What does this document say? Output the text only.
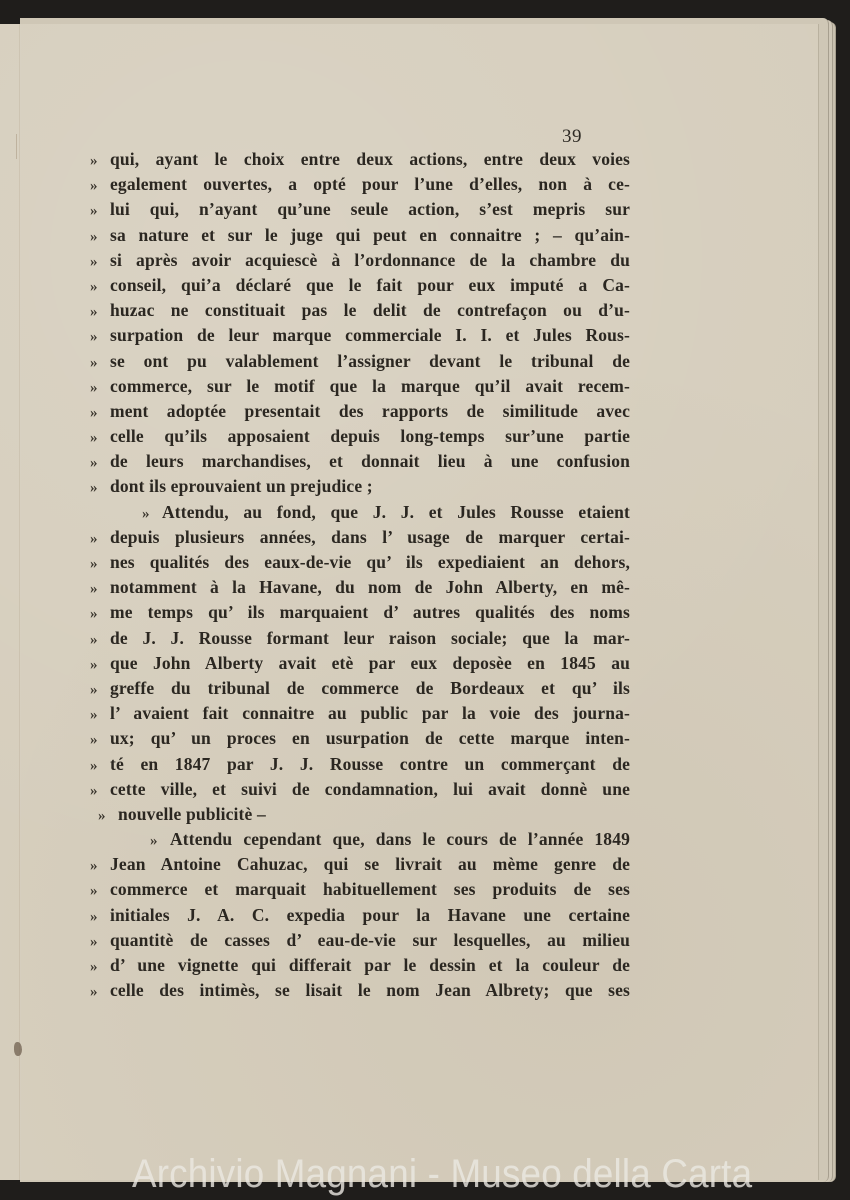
39
» qui, ayant le choix entre deux actions, entre deux voies
» egalement ouvertes, a opté pour l’une d’elles, non à ce-
» lui qui, n’ayant qu’une seule action, s’est mepris sur
» sa nature et sur le juge qui peut en connaitre ; – qu’ain-
» si après avoir acquiescè à l’ordonnance de la chambre du
» conseil, qui’a déclaré que le fait pour eux imputé a Ca-
» huzac ne constituait pas le delit de contrefaçon ou d’u-
» surpation de leur marque commerciale I. I. et Jules Rous-
» se ont pu valablement l’assigner devant le tribunal de
» commerce, sur le motif que la marque qu’il avait recem-
» ment adoptée presentait des rapports de similitude avec
» celle qu’ils apposaient depuis long-temps sur’une partie
» de leurs marchandises, et donnait lieu à une confusion
» dont ils eprouvaient un prejudice ;
» Attendu, au fond, que J. J. et Jules Rousse etaient
» depuis plusieurs années, dans l’ usage de marquer certai-
» nes qualités des eaux-de-vie qu’ ils expediaient an dehors,
» notamment à la Havane, du nom de John Alberty, en mê-
» me temps qu’ ils marquaient d’ autres qualités des noms
» de J. J. Rousse formant leur raison sociale; que la mar-
» que John Alberty avait etè par eux deposèe en 1845 au
» greffe du tribunal de commerce de Bordeaux et qu’ ils
» l’ avaient fait connaitre au public par la voie des journa-
» ux; qu’ un proces en usurpation de cette marque inten-
» té en 1847 par J. J. Rousse contre un commerçant de
» cette ville, et suivi de condamnation, lui avait donnè une
» nouvelle publicitè –
» Attendu cependant que, dans le cours de l’année 1849
» Jean Antoine Cahuzac, qui se livrait au mème genre de
» commerce et marquait habituellement ses produits de ses
» initiales J. A. C. expedia pour la Havane une certaine
» quantitè de casses d’ eau-de-vie sur lesquelles, au milieu
» d’ une vignette qui differait par le dessin et la couleur de
» celle des intimès, se lisait le nom Jean Albrety; que ses
Archivio Magnani - Museo della Carta
